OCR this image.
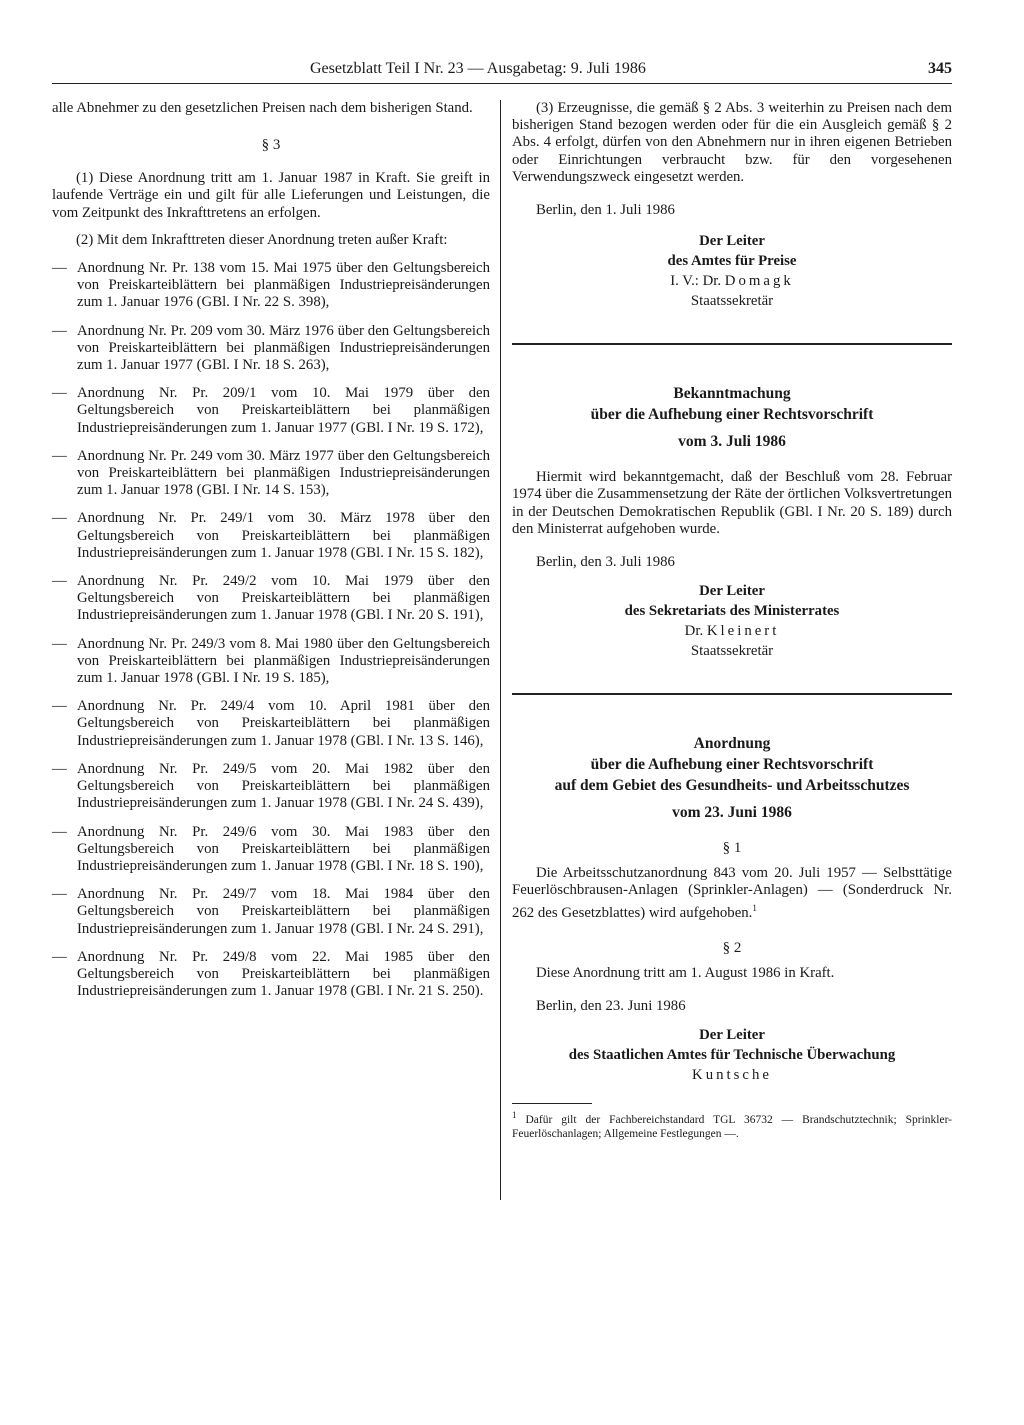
Gesetzblatt Teil I Nr. 23 — Ausgabetag: 9. Juli 1986	345

alle Abnehmer zu den gesetzlichen Preisen nach dem bisherigen Stand.

§ 3

(1) Diese Anordnung tritt am 1. Januar 1987 in Kraft. Sie greift in laufende Verträge ein und gilt für alle Lieferungen und Leistungen, die vom Zeitpunkt des Inkrafttretens an erfolgen.

(2) Mit dem Inkrafttreten dieser Anordnung treten außer Kraft:

— Anordnung Nr. Pr. 138 vom 15. Mai 1975 über den Geltungsbereich von Preiskarteiblättern bei planmäßigen Industriepreisänderungen zum 1. Januar 1976 (GBl. I Nr. 22 S. 398),
— Anordnung Nr. Pr. 209 vom 30. März 1976 über den Geltungsbereich von Preiskarteiblättern bei planmäßigen Industriepreisänderungen zum 1. Januar 1977 (GBl. I Nr. 18 S. 263),
— Anordnung Nr. Pr. 209/1 vom 10. Mai 1979 über den Geltungsbereich von Preiskarteiblättern bei planmäßigen Industriepreisänderungen zum 1. Januar 1977 (GBl. I Nr. 19 S. 172),
— Anordnung Nr. Pr. 249 vom 30. März 1977 über den Geltungsbereich von Preiskarteiblättern bei planmäßigen Industriepreisänderungen zum 1. Januar 1978 (GBl. I Nr. 14 S. 153),
— Anordnung Nr. Pr. 249/1 vom 30. März 1978 über den Geltungsbereich von Preiskarteiblättern bei planmäßigen Industriepreisänderungen zum 1. Januar 1978 (GBl. I Nr. 15 S. 182),
— Anordnung Nr. Pr. 249/2 vom 10. Mai 1979 über den Geltungsbereich von Preiskarteiblättern bei planmäßigen Industriepreisänderungen zum 1. Januar 1978 (GBl. I Nr. 20 S. 191),
— Anordnung Nr. Pr. 249/3 vom 8. Mai 1980 über den Geltungsbereich von Preiskarteiblättern bei planmäßigen Industriepreisänderungen zum 1. Januar 1978 (GBl. I Nr. 19 S. 185),
— Anordnung Nr. Pr. 249/4 vom 10. April 1981 über den Geltungsbereich von Preiskarteiblättern bei planmäßigen Industriepreisänderungen zum 1. Januar 1978 (GBl. I Nr. 13 S. 146),
— Anordnung Nr. Pr. 249/5 vom 20. Mai 1982 über den Geltungsbereich von Preiskarteiblättern bei planmäßigen Industriepreisänderungen zum 1. Januar 1978 (GBl. I Nr. 24 S. 439),
— Anordnung Nr. Pr. 249/6 vom 30. Mai 1983 über den Geltungsbereich von Preiskarteiblättern bei planmäßigen Industriepreisänderungen zum 1. Januar 1978 (GBl. I Nr. 18 S. 190),
— Anordnung Nr. Pr. 249/7 vom 18. Mai 1984 über den Geltungsbereich von Preiskarteiblättern bei planmäßigen Industriepreisänderungen zum 1. Januar 1978 (GBl. I Nr. 24 S. 291),
— Anordnung Nr. Pr. 249/8 vom 22. Mai 1985 über den Geltungsbereich von Preiskarteiblättern bei planmäßigen Industriepreisänderungen zum 1. Januar 1978 (GBl. I Nr. 21 S. 250).

(3) Erzeugnisse, die gemäß § 2 Abs. 3 weiterhin zu Preisen nach dem bisherigen Stand bezogen werden oder für die ein Ausgleich gemäß § 2 Abs. 4 erfolgt, dürfen von den Abnehmern nur in ihren eigenen Betrieben oder Einrichtungen verbraucht bzw. für den vorgesehenen Verwendungszweck eingesetzt werden.

Berlin, den 1. Juli 1986

Der Leiter
des Amtes für Preise
I. V.: Dr. Domagk
Staatssekretär
Bekanntmachung
über die Aufhebung einer Rechtsvorschrift
vom 3. Juli 1986

Hiermit wird bekanntgemacht, daß der Beschluß vom 28. Februar 1974 über die Zusammensetzung der Räte der örtlichen Volksvertretungen in der Deutschen Demokratischen Republik (GBl. I Nr. 20 S. 189) durch den Ministerrat aufgehoben wurde.

Berlin, den 3. Juli 1986

Der Leiter
des Sekretariats des Ministerrates
Dr. Kleinert
Staatssekretär
Anordnung
über die Aufhebung einer Rechtsvorschrift
auf dem Gebiet des Gesundheits- und Arbeitsschutzes
vom 23. Juni 1986
§ 1

Die Arbeitsschutzanordnung 843 vom 20. Juli 1957 — Selbsttätige Feuerlöschbrausen-Anlagen (Sprinkler-Anlagen) — (Sonderdruck Nr. 262 des Gesetzblattes) wird aufgehoben.$^1$

§ 2

Diese Anordnung tritt am 1. August 1986 in Kraft.

Berlin, den 23. Juni 1986

Der Leiter
des Staatlichen Amtes für Technische Überwachung
Kuntsche
$^1$ Dafür gilt der Fachbereichstandard TGL 36732 — Brandschutztechnik; Sprinkler-Feuerlöschanlagen; Allgemeine Festlegungen —.
